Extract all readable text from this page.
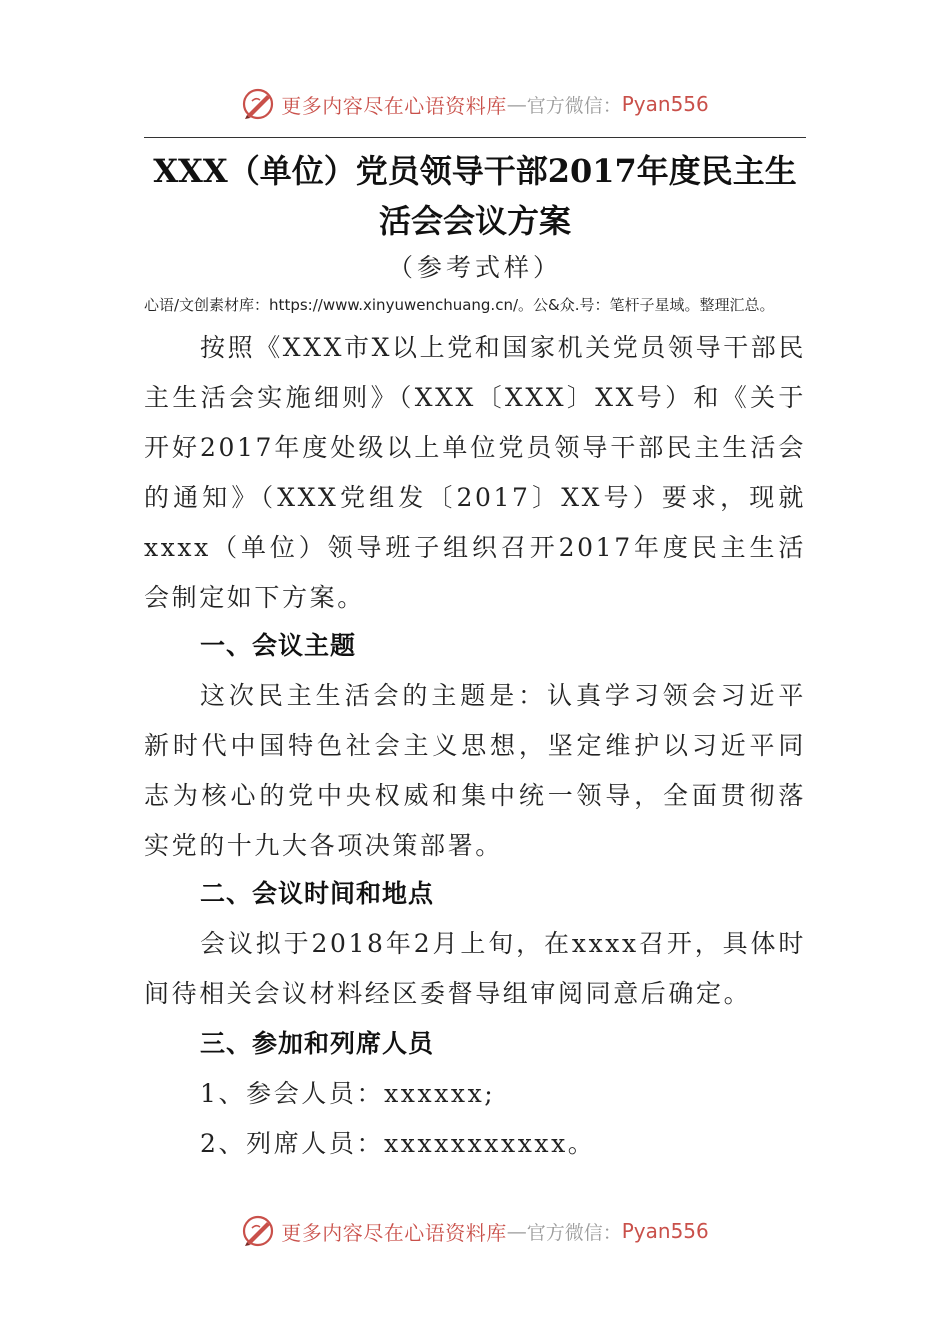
更多内容尽在心语资料库 — 官方微信： Pyan556
XXX（单位）党员领导干部2017年度民主生活会会议方案
（参考式样）
心语/文创素材库：https://www.xinyuwenchuang.cn/。公&众.号：笔杆子星域。整理汇总。
按照《XXX市X以上党和国家机关党员领导干部民主生活会实施细则》（XXX〔XXX〕XX号）和《关于开好2017年度处级以上单位党员领导干部民主生活会的通知》（XXX党组发〔2017〕XX号）要求，现就xxxx（单位）领导班子组织召开2017年度民主生活会制定如下方案。
一、会议主题
这次民主生活会的主题是：认真学习领会习近平新时代中国特色社会主义思想，坚定维护以习近平同志为核心的党中央权威和集中统一领导，全面贯彻落实党的十九大各项决策部署。
二、会议时间和地点
会议拟于2018年2月上旬，在xxxx召开，具体时间待相关会议材料经区委督导组审阅同意后确定。
三、参加和列席人员
1、参会人员：xxxxxx;
2、列席人员：xxxxxxxxxxx。
更多内容尽在心语资料库 — 官方微信： Pyan556
